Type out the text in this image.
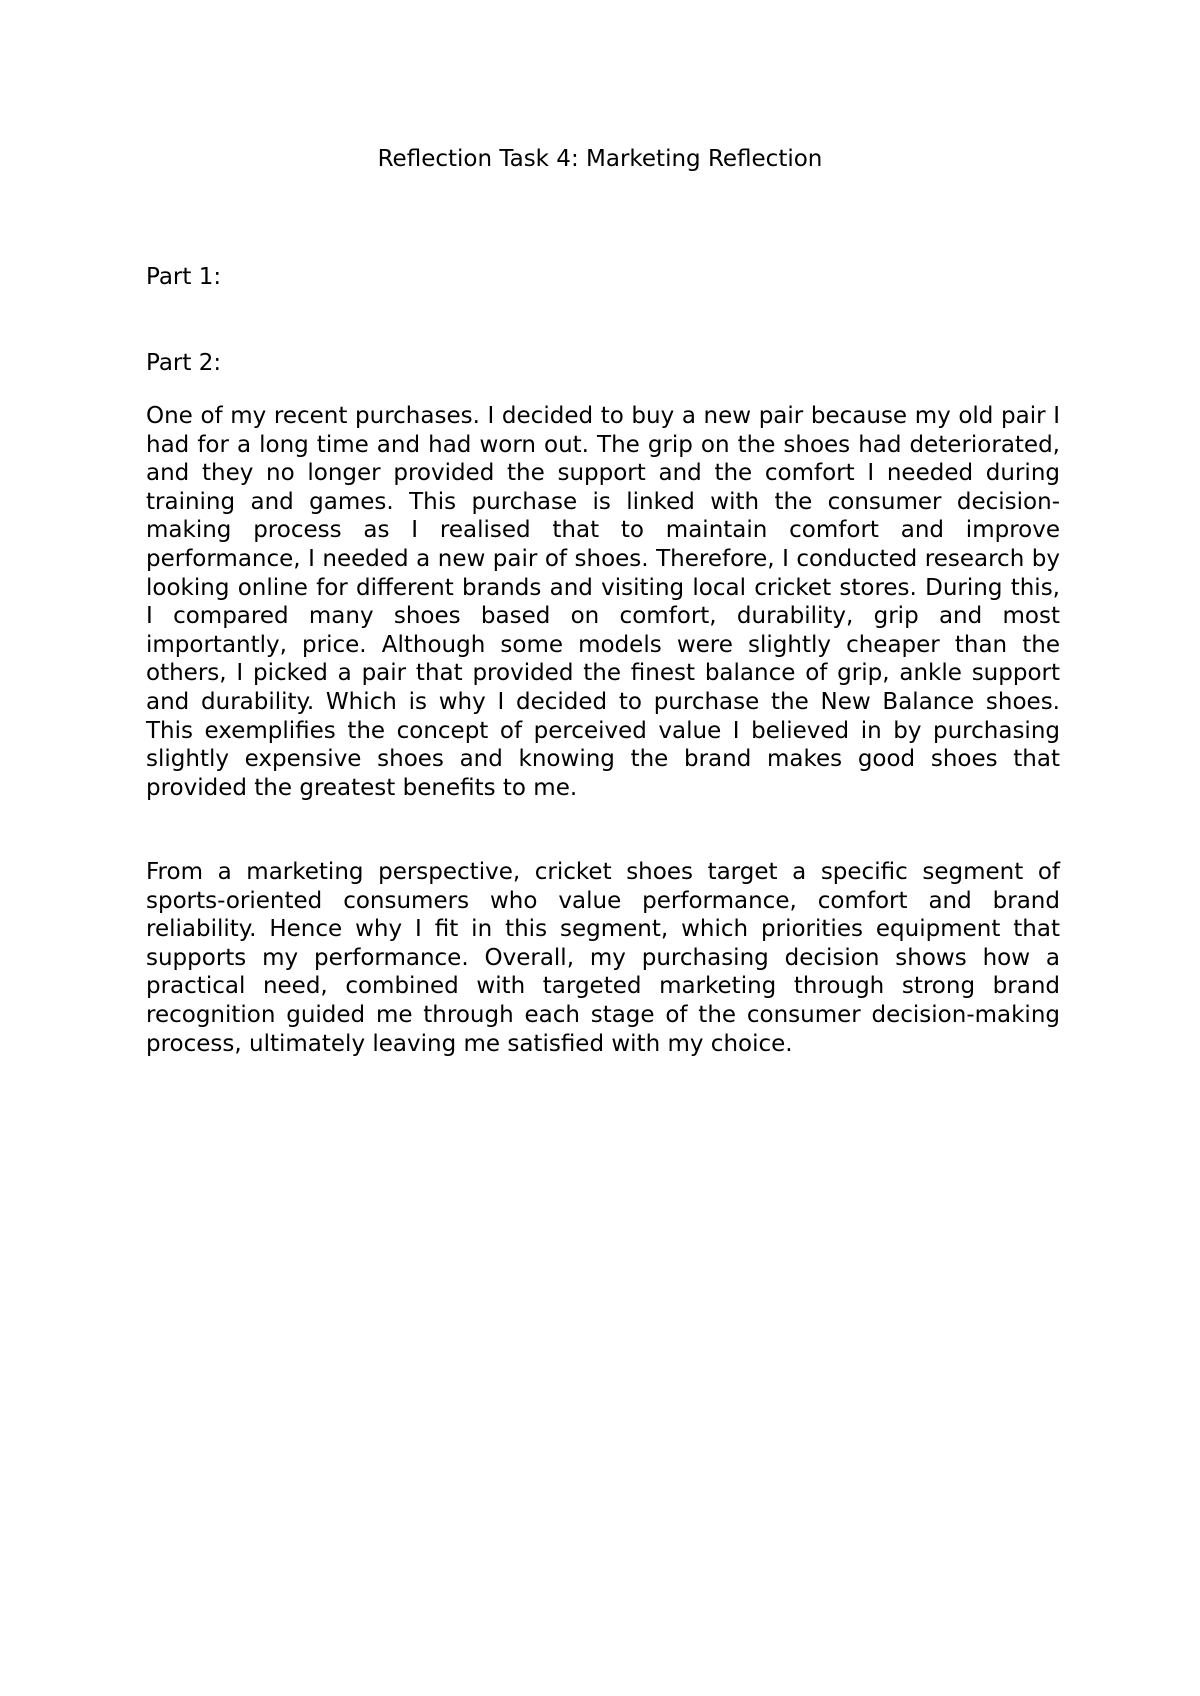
Reflection Task 4: Marketing Reflection
Part 1:
Part 2:

One of my recent purchases. I decided to buy a new pair because my old pair I had for a long time and had worn out. The grip on the shoes had deteriorated, and they no longer provided the support and the comfort I needed during training and games. This purchase is linked with the consumer decision-making process as I realised that to maintain comfort and improve performance, I needed a new pair of shoes. Therefore, I conducted research by looking online for different brands and visiting local cricket stores. During this, I compared many shoes based on comfort, durability, grip and most importantly, price. Although some models were slightly cheaper than the others, I picked a pair that provided the finest balance of grip, ankle support and durability. Which is why I decided to purchase the New Balance shoes. This exemplifies the concept of perceived value I believed in by purchasing slightly expensive shoes and knowing the brand makes good shoes that provided the greatest benefits to me.

From a marketing perspective, cricket shoes target a specific segment of sports-oriented consumers who value performance, comfort and brand reliability. Hence why I fit in this segment, which priorities equipment that supports my performance. Overall, my purchasing decision shows how a practical need, combined with targeted marketing through strong brand recognition guided me through each stage of the consumer decision-making process, ultimately leaving me satisfied with my choice.
